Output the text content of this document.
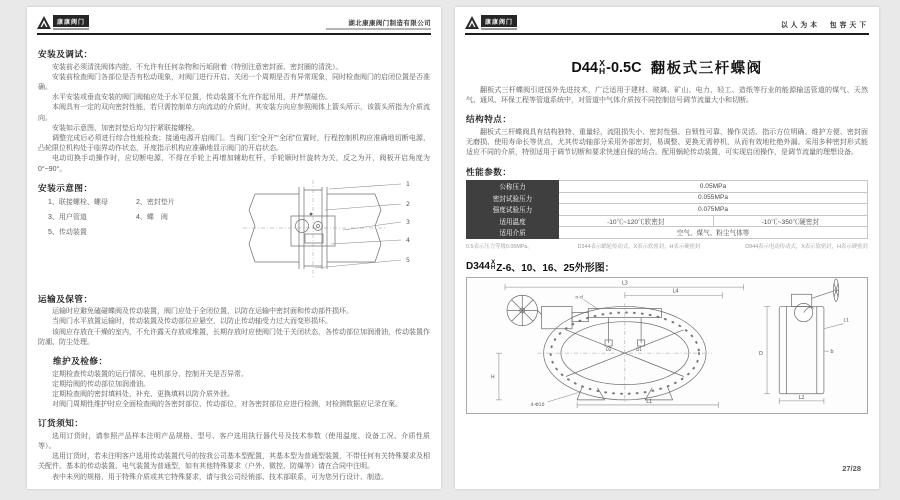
康康阀门	湖北康康阀门制造有限公司
安装及调试：

安装前必须清洗阀体内腔，不允许有任何杂物和污垢附着（特别注意密封面、密封圈的清洗）。

安装前检查阀门各部位是否有松动现象，对阀门进行开启、关闭一个周期是否有异常现象，同时检查阀门的启闭位置是否准确。

水平安装或垂直安装的阀门阀轴应处于水平位置，传动装置不允许作起吊用，并严禁碰伤。

本阀具有一定的双向密封性能，若只需控制单方向流动的介质时，其安装方向应参照阀体上箭头所示，该箭头所指为介质流向。

安装如示意图，加密封垫后均匀拧紧联接螺栓。

调整完成后必须进行综合性能检查；接通电源开启阀门。当阀门至“全开”“全闭”位置时，行程控制机构应准确地切断电源，凸轮限位机构处于临界动作状态，开度指示机构应准确地显示阀门的开启状态。

电动切换手动操作时，应切断电源，不得在手轮上再增加辅助杠杆，手轮顺时针旋转为关，反之为开，阀板开启角度为0°~90°。

安装示意图：
1、联接螺栓、螺母	2、密封垫片
3、用户管道	4、蝶　阀
5、传动装置
1
2
3
4
5
运输及保管：

运输时应避免磕碰蝶阀及传动装置，阀门应处于全闭位置，以防在运输中密封面和传动部件损坏。

当阀门水平放置运输时，传动装置及传动部位应悬空，以防止传动轴受力过大而变形损坏。

该阀应存放在干燥的室内，不允许露天存放或堆置，长期存放时应使阀门处于关闭状态，各传动部位加润滑油，传动装置作防潮、防尘处理。

维护及检修：

定期检查传动装置的运行情况、电机部分、控制开关是否异常。

定期给阀的传动部位加润滑油。

定期检查阀的密封填料处，补充、更换填料以防介质外泄。

对阀门周期性维护时应全面检查阀的各密封部位、传动部位，对各密封部位应进行检测，对检测数据应记录在案。

订货须知：

选用订货时，请参照产品样本注明产品规格、型号、客户选用执行器代号及技术参数（使用温度、设备工况、介质性质等）。

选用订货时，若未注明客户选用传动装置代号的按我公司基本型配置，其基本型为普通型装置，不带任何有关特殊要求及相关配件。基本的传动装置、电气装置为普通型，如有其他特殊要求（户外、微控、防爆等）请在合同中注明。

表中未列的规格、用于特殊介质或其它特殊要求，请与我公司经销部、技术部联系，可为您另行设计、制造。

康康阀门	以人为本　包容天下
D44 X
H -0.5C 翻板式三杆蝶阀

翻板式三杆蝶阀引进国外先进技术，广泛适用于建材、玻璃、矿山、电力、轻工、造纸等行业的能源输送管道的煤气、天然气、通风、环保工程等管道系统中，对管道中气体介质按不同控制信号调节流量大小和切断。

结构特点：

翻板式三杆蝶阀具有结构独特、重量轻、流阻损失小、密封性强、自锁性可靠、操作灵活、指示方位明确、维护方便、密封面无磨损、使用寿命长等优点，尤其传动轴部分采用外部密封，易调整、更换无需停机，从而有效地杜绝外漏。采用多种密封形式能适应不同的介质，特别适用于调节切断和要求快速自保的场合。配用蜗轮传动装置，可实现启闭操作，是调节流量的理想设备。

性能参数：
公称压力	0.05MPa	
密封试验压力	0.055MPa	
强度试验压力	0.075MPa	
适用温度	-10℃~120℃软密封	-10℃~350℃硬密封
适用介质	空气、煤气、粉尘气体等	
0.5表示压力等级0.05MPa。	D344表示蜗轮传动式，X表示软密封，H表示硬密封	D944表示电动传动式，X表示软密封，H表示硬密封
D344 X
H Z-6、10、16、25外形图：
L3
L4
n-d
D2	D1
H
L1
4-Φ10
L1
b
D
L2
27/28
